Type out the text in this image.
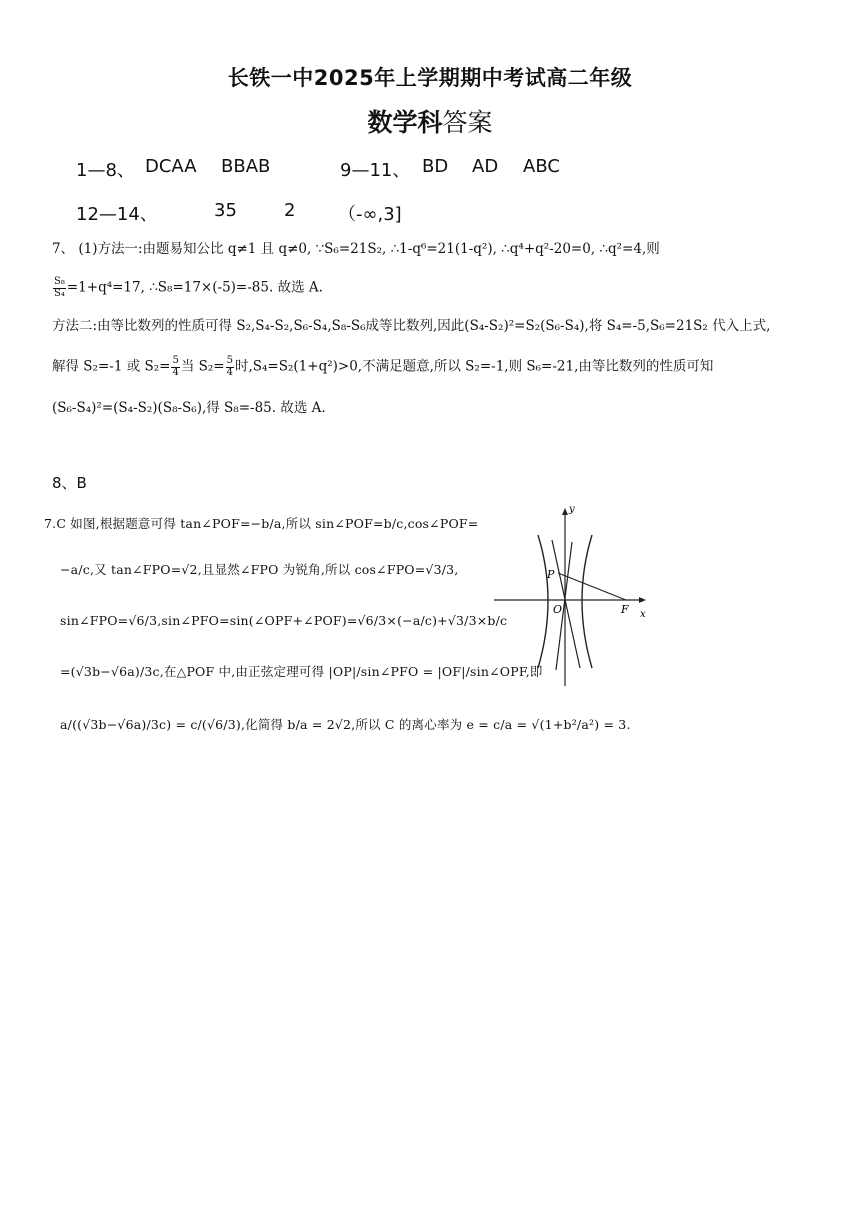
长铁一中2025年上学期期中考试高二年级
数学科答案
1—8、 DCAA BBAB	9—11、 BD AD ABC
12—14、	35	2 （-∞,3]
7、 (1)方法一:由题易知公比 q≠1 且 q≠0, ∵S₆=21S₂, ∴1-q⁶=21(1-q²), ∴q⁴+q²-20=0, ∴q²=4,则
$\frac{\text{S₈}}{\text{S₄}} =1+q^4=17$, ∴S₈=17×(-5)=-85. 故选 A.
方法二:由等比数列的性质可得 S₂,S₄-S₂,S₆-S₄,S₈-S₆成等比数列,因此(S₄-S₂)²=S₂(S₆-S₄),将 S₄=-5,S₆=21S₂ 代入上式,
解得 S₂=-1 或 $S_2= \frac{5}{4}$ 当 $S_2= \frac{5}{4}$ 时,S₄=S₂(1+q²)>0,不满足题意,所以 S₂=-1,则 S₆=-21,由等比数列的性质可知
(S₆-S₄)²=(S₄-S₂)(S₈-S₆),得 S₈=-85. 故选 A.
8、B
7.C 如图,根据题意可得 tan∠POF=−b/a,所以 sin∠POF=b/c,cos∠POF=
−a/c,又 tan∠FPO=√2,且显然∠FPO 为锐角,所以 cos∠FPO=√3/3,
sin∠FPO=√6/3,sin∠PFO=sin(∠OPF+∠POF)=√6/3×(−a/c)+√3/3×b/c
=(√3b−√6a)/3c,在△POF 中,由正弦定理可得 |OP|/sin∠PFO = |OF|/sin∠OPF,即
a/((√3b−√6a)/3c) = c/(√6/3),化简得 b/a = 2√2,所以 C 的离心率为 e = c/a = √(1+b²/a²) = 3.
x
y
O
P
F
